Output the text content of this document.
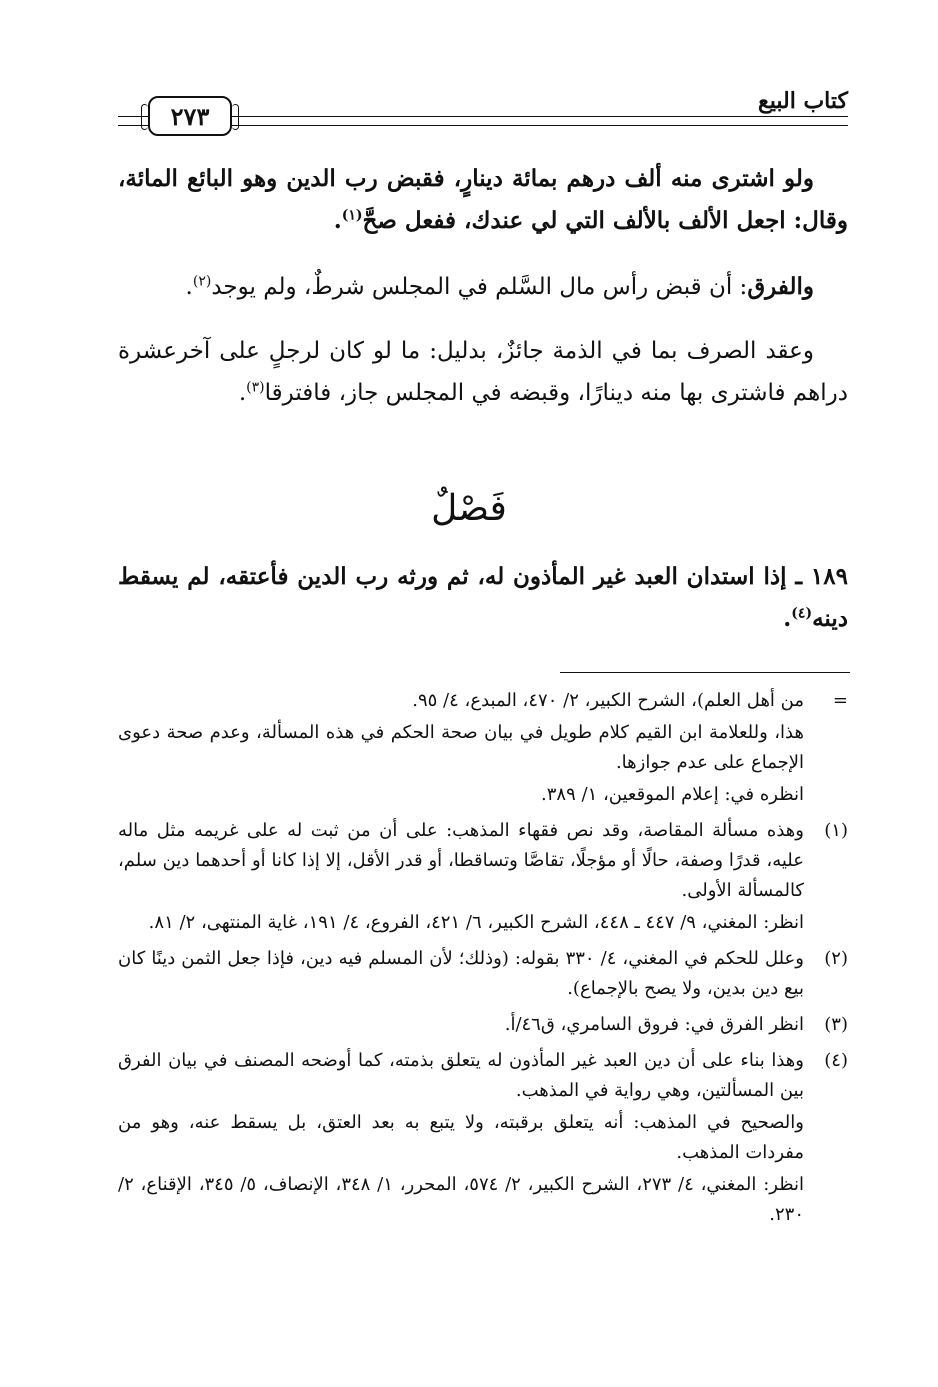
كتاب البيع
٢٧٣
ولو اشترى منه ألف درهم بمائة دينارٍ، فقبض رب الدين وهو البائع المائة، وقال: اجعل الألف بالألف التي لي عندك، ففعل صحَّ$^{(١)}$.
والفرق: أن قبض رأس مال السَّلم في المجلس شرطٌ، ولم يوجد$^{(٢)}$.
وعقد الصرف بما في الذمة جائزٌ، بدليل: ما لو كان لرجلٍ على آخرعشرة دراهم فاشترى بها منه دينارًا، وقبضه في المجلس جاز، فافترقا$^{(٣)}$.
فَصْلٌ
١٨٩ ـ إذا استدان العبد غير المأذون له، ثم ورثه رب الدين فأعتقه، لم يسقط دينه$^{(٤)}$.
=
من أهل العلم)، الشرح الكبير، ٢/ ٤٧٠، المبدع، ٤/ ٩٥.
هذا، وللعلامة ابن القيم كلام طويل في بيان صحة الحكم في هذه المسألة، وعدم صحة دعوى الإجماع على عدم جوازها.
انظره في: إعلام الموقعين، ١/ ٣٨٩.
(١)
وهذه مسألة المقاصة، وقد نص فقهاء المذهب: على أن من ثبت له على غريمه مثل ماله عليه، قدرًا وصفة، حالًا أو مؤجلًا، تقاصَّا وتساقطا، أو قدر الأقل، إلا إذا كانا أو أحدهما دين سلم، كالمسألة الأولى.
انظر: المغني، ٩/ ٤٤٧ ـ ٤٤٨، الشرح الكبير، ٦/ ٤٢١، الفروع، ٤/ ١٩١، غاية المنتهى، ٢/ ٨١.
(٢)
وعلل للحكم في المغني، ٤/ ٣٣٠ بقوله: (وذلك؛ لأن المسلم فيه دين، فإذا جعل الثمن دينًا كان بيع دين بدين، ولا يصح بالإجماع).
(٣)
انظر الفرق في: فروق السامري، ق٤٦/أ.
(٤)
وهذا بناء على أن دين العبد غير المأذون له يتعلق بذمته، كما أوضحه المصنف في بيان الفرق بين المسألتين، وهي رواية في المذهب.
والصحيح في المذهب: أنه يتعلق برقبته، ولا يتبع به بعد العتق، بل يسقط عنه، وهو من مفردات المذهب.
انظر: المغني، ٤/ ٢٧٣، الشرح الكبير، ٢/ ٥٧٤، المحرر، ١/ ٣٤٨، الإنصاف، ٥/ ٣٤٥، الإقناع، ٢/ ٢٣٠.
